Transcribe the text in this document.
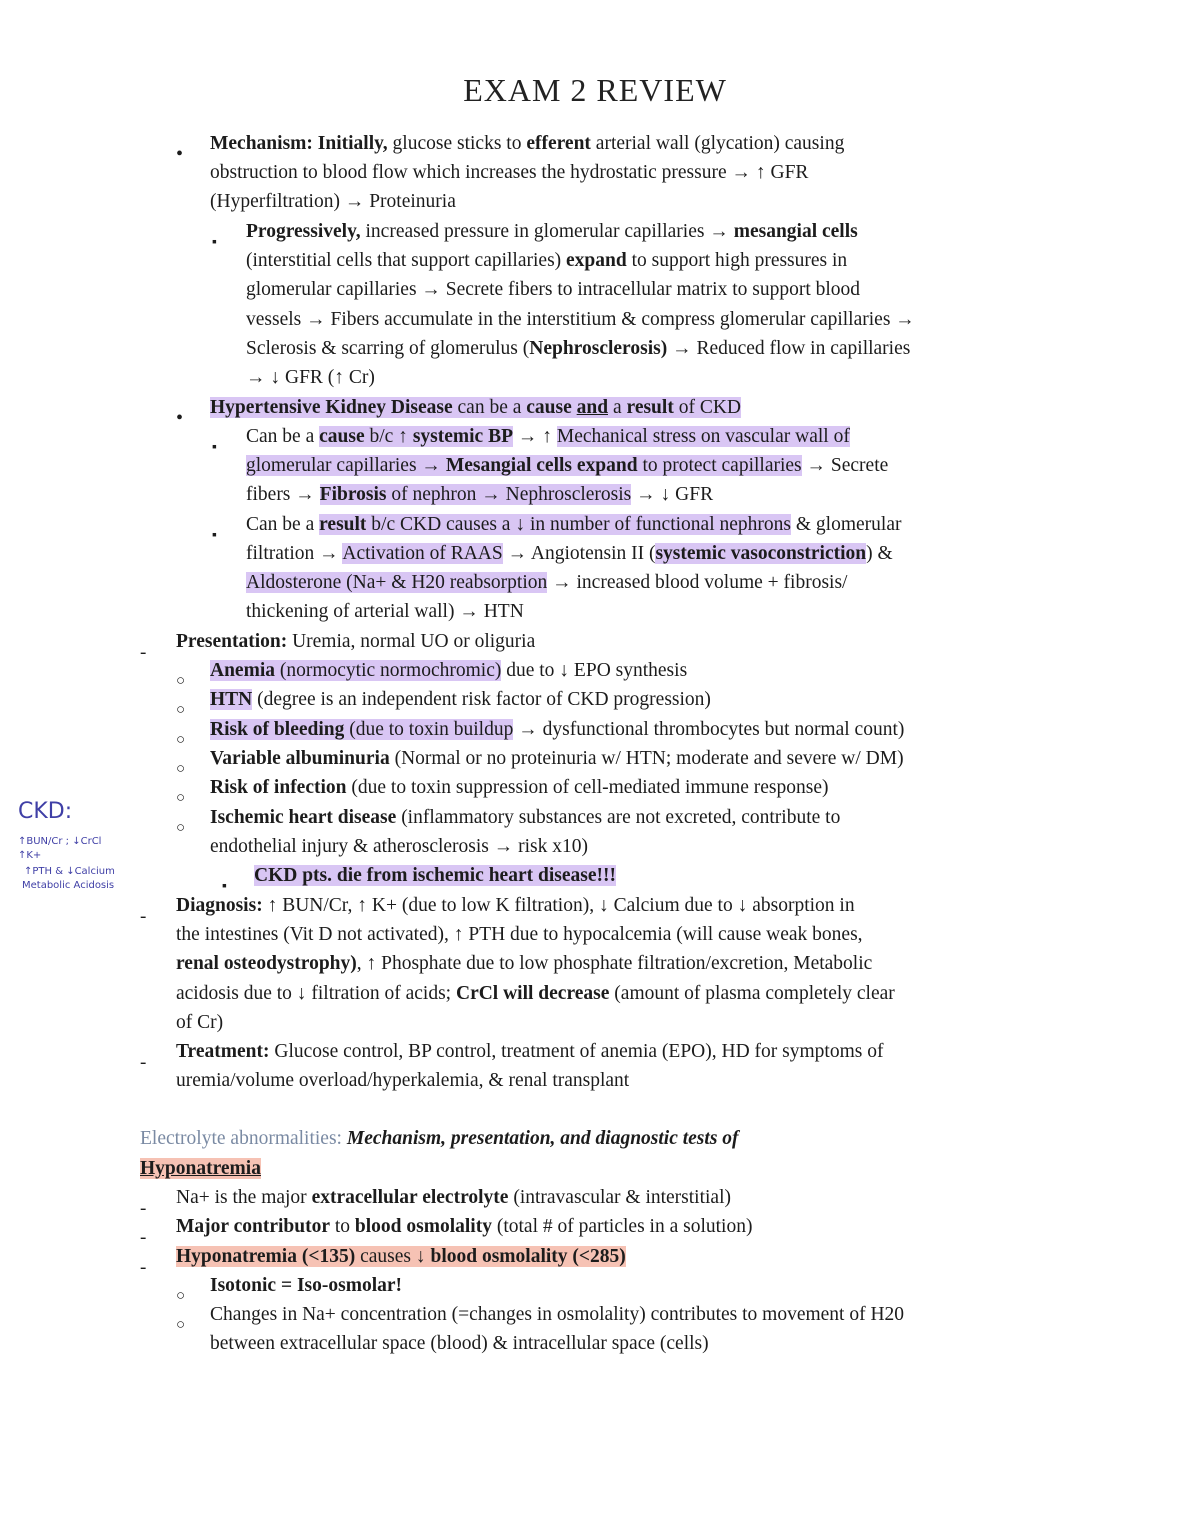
EXAM 2 REVIEW
• Mechanism: Initially, glucose sticks to efferent arterial wall (glycation) causing
obstruction to blood flow which increases the hydrostatic pressure → ↑ GFR
(Hyperfiltration) → Proteinuria
▪
Progressively, increased pressure in glomerular capillaries → mesangial cells
(interstitial cells that support capillaries) expand to support high pressures in
glomerular capillaries → Secrete fibers to intracellular matrix to support blood
vessels → Fibers accumulate in the interstitium & compress glomerular capillaries →
Sclerosis & scarring of glomerulus (Nephrosclerosis) → Reduced flow in capillaries
→ ↓ GFR (↑ Cr)
• Hypertensive Kidney Disease can be a cause and a result of CKD
▪
Can be a cause b/c ↑ systemic BP → ↑ Mechanical stress on vascular wall of
glomerular capillaries → Mesangial cells expand to protect capillaries → Secrete
fibers → Fibrosis of nephron → Nephrosclerosis → ↓ GFR
▪
Can be a result b/c CKD causes a ↓ in number of functional nephrons & glomerular
filtration → Activation of RAAS → Angiotensin II (systemic vasoconstriction) &
Aldosterone (Na+ & H20 reabsorption → increased blood volume + fibrosis/
thickening of arterial wall) → HTN
-
Presentation: Uremia, normal UO or oliguria
○ Anemia (normocytic normochromic) due to ↓ EPO synthesis
○ HTN (degree is an independent risk factor of CKD progression)
○ Risk of bleeding (due to toxin buildup → dysfunctional thrombocytes but normal count)
○ Variable albuminuria (Normal or no proteinuria w/ HTN; moderate and severe w/ DM)
○ Risk of infection (due to toxin suppression of cell-mediated immune response)
○ Ischemic heart disease (inflammatory substances are not excreted, contribute to
endothelial injury & atherosclerosis → risk x10)
▪
CKD pts. die from ischemic heart disease!!!
-
Diagnosis: ↑ BUN/Cr, ↑ K+ (due to low K filtration), ↓ Calcium due to ↓ absorption in
the intestines (Vit D not activated), ↑ PTH due to hypocalcemia (will cause weak bones,
renal osteodystrophy), ↑ Phosphate due to low phosphate filtration/excretion, Metabolic
acidosis due to ↓ filtration of acids; CrCl will decrease (amount of plasma completely clear
of Cr)
-
Treatment: Glucose control, BP control, treatment of anemia (EPO), HD for symptoms of
uremia/volume overload/hyperkalemia, & renal transplant
Electrolyte abnormalities: Mechanism, presentation, and diagnostic tests of
Hyponatremia
-
Na+ is the major extracellular electrolyte (intravascular & interstitial)
-
Major contributor to blood osmolality (total # of particles in a solution)
-
Hyponatremia (<135) causes ↓ blood osmolality (<285)
○ Isotonic = Iso-osmolar!
○ Changes in Na+ concentration (=changes in osmolality) contributes to movement of H20
between extracellular space (blood) & intracellular space (cells)
CKD:
↑BUN/Cr ; ↓CrCl
↑K+
↑PTH & ↓Calcium
Metabolic Acidosis
